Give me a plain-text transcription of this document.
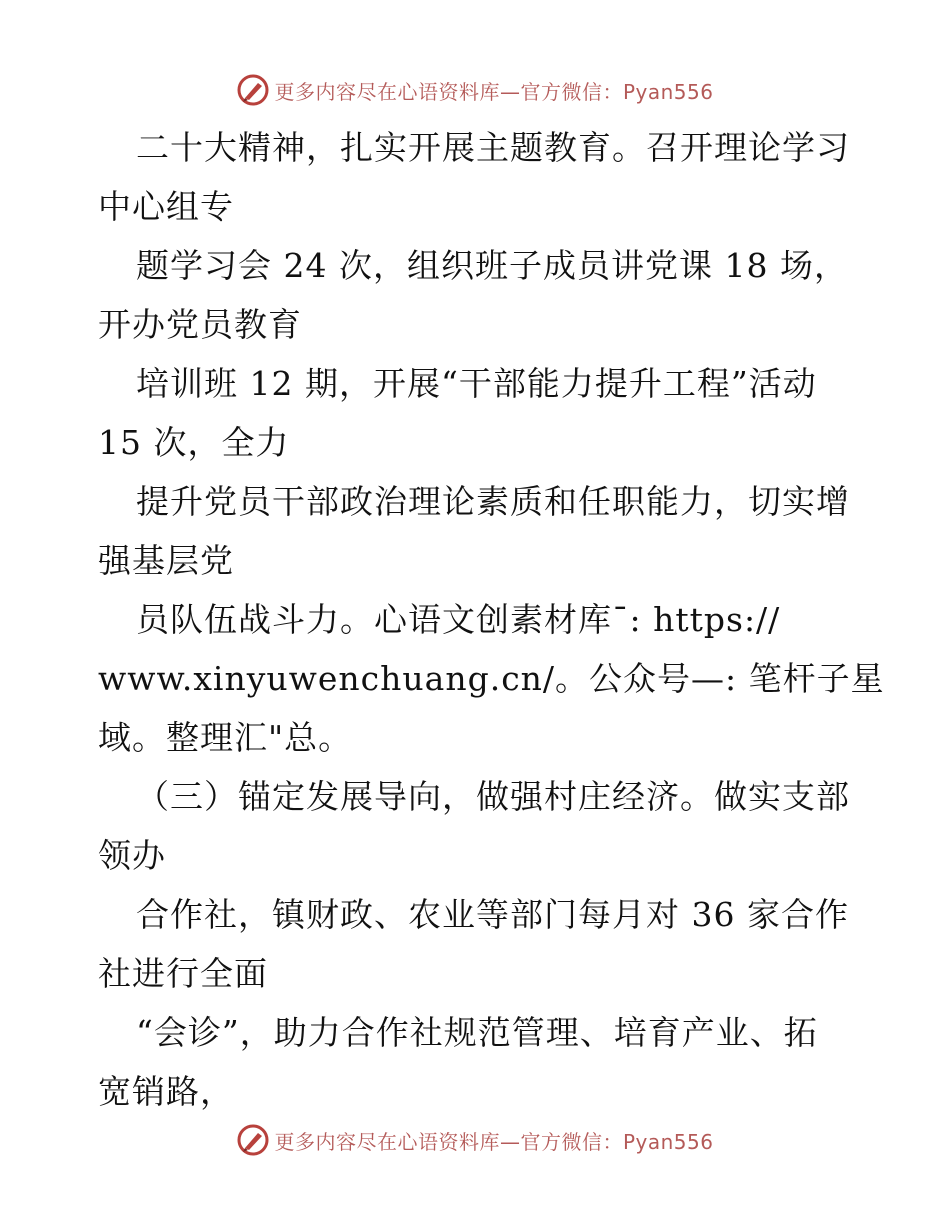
更多内容尽在心语资料库—官方微信：Pyan556
二十大精神，扎实开展主题教育。召开理论学习
中心组专
题学习会 24 次，组织班子成员讲党课 18 场，
开办党员教育
培训班 12 期，开展“干部能力提升工程”活动
15 次，全力
提升党员干部政治理论素质和任职能力，切实增
强基层党
员队伍战斗力。心语文创素材库¯: https://
www.xinyuwenchuang.cn/。公众号—: 笔杆子星
域。整理汇"总。
（三）锚定发展导向，做强村庄经济。做实支部
领办
合作社，镇财政、农业等部门每月对 36 家合作
社进行全面
“会诊”，助力合作社规范管理、培育产业、拓
宽销路，
更多内容尽在心语资料库—官方微信：Pyan556
